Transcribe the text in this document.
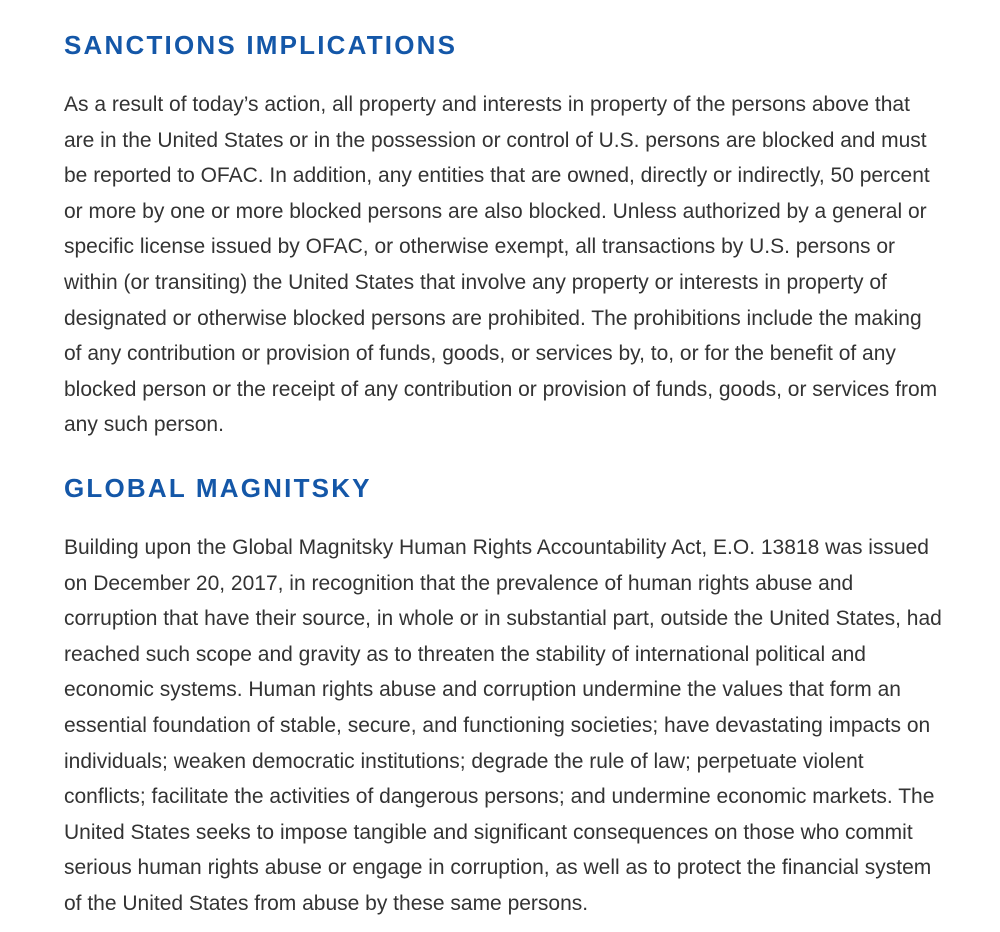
SANCTIONS IMPLICATIONS

As a result of today’s action, all property and interests in property of the persons above that are in the United States or in the possession or control of U.S. persons are blocked and must be reported to OFAC. In addition, any entities that are owned, directly or indirectly, 50 percent or more by one or more blocked persons are also blocked. Unless authorized by a general or specific license issued by OFAC, or otherwise exempt, all transactions by U.S. persons or within (or transiting) the United States that involve any property or interests in property of designated or otherwise blocked persons are prohibited. The prohibitions include the making of any contribution or provision of funds, goods, or services by, to, or for the benefit of any blocked person or the receipt of any contribution or provision of funds, goods, or services from any such person.

GLOBAL MAGNITSKY

Building upon the Global Magnitsky Human Rights Accountability Act, E.O. 13818 was issued on December 20, 2017, in recognition that the prevalence of human rights abuse and corruption that have their source, in whole or in substantial part, outside the United States, had reached such scope and gravity as to threaten the stability of international political and economic systems. Human rights abuse and corruption undermine the values that form an essential foundation of stable, secure, and functioning societies; have devastating impacts on individuals; weaken democratic institutions; degrade the rule of law; perpetuate violent conflicts; facilitate the activities of dangerous persons; and undermine economic markets. The United States seeks to impose tangible and significant consequences on those who commit serious human rights abuse or engage in corruption, as well as to protect the financial system of the United States from abuse by these same persons.
